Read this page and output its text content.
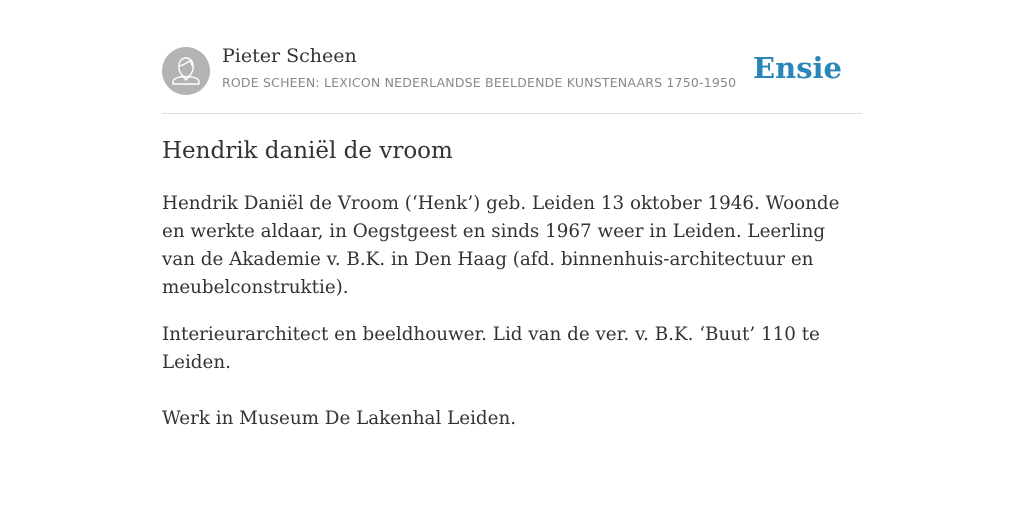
Pieter Scheen
RODE SCHEEN: LEXICON NEDERLANDSE BEELDENDE KUNSTENAARS 1750-1950 Ensie
Hendrik daniël de vroom

Hendrik Daniël de Vroom (‘Henk’) geb. Leiden 13 oktober 1946. Woonde en werkte aldaar, in Oegstgeest en sinds 1967 weer in Leiden. Leerling van de Akademie v. B.K. in Den Haag (afd. binnenhuis-architectuur en meubelconstruktie).

Interieurarchitect en beeldhouwer. Lid van de ver. v. B.K. ‘Buut’ 110 te Leiden.

Werk in Museum De Lakenhal Leiden.
